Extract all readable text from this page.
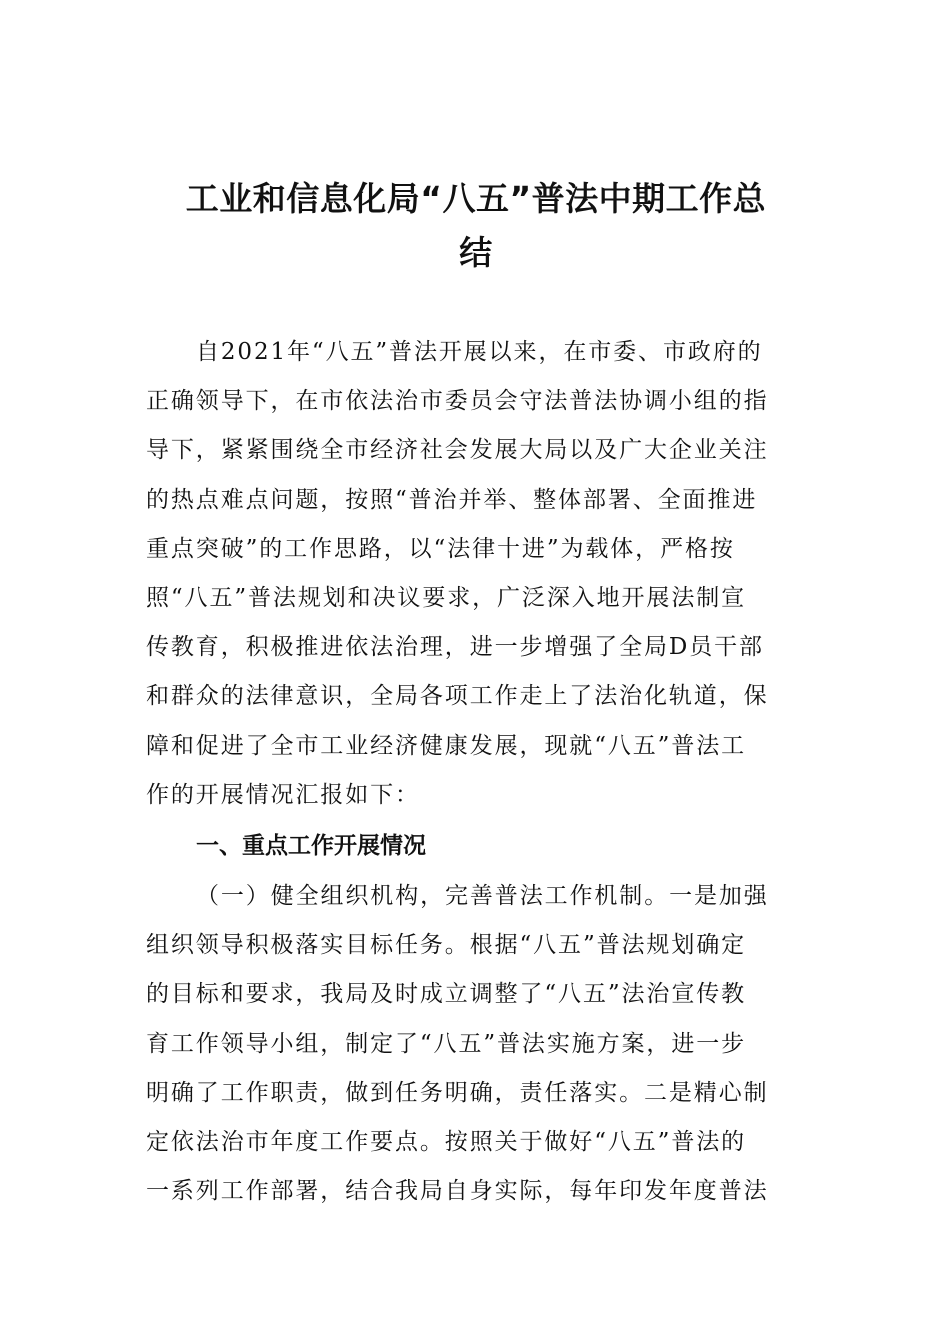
工业和信息化局“八五”普法中期工作总
结

自2021年“八五”普法开展以来，在市委、市政府的
正确领导下，在市依法治市委员会守法普法协调小组的指
导下，紧紧围绕全市经济社会发展大局以及广大企业关注
的热点难点问题，按照“普治并举、整体部署、全面推进
重点突破”的工作思路，以“法律十进”为载体，严格按
照“八五”普法规划和决议要求，广泛深入地开展法制宣
传教育，积极推进依法治理，进一步增强了全局D员干部
和群众的法律意识，全局各项工作走上了法治化轨道，保
障和促进了全市工业经济健康发展，现就“八五”普法工
作的开展情况汇报如下：

一、重点工作开展情况

（一）健全组织机构，完善普法工作机制。一是加强
组织领导积极落实目标任务。根据“八五”普法规划确定
的目标和要求，我局及时成立调整了“八五”法治宣传教
育工作领导小组，制定了“八五”普法实施方案，进一步
明确了工作职责，做到任务明确，责任落实。二是精心制
定依法治市年度工作要点。按照关于做好“八五”普法的
一系列工作部署，结合我局自身实际，每年印发年度普法
